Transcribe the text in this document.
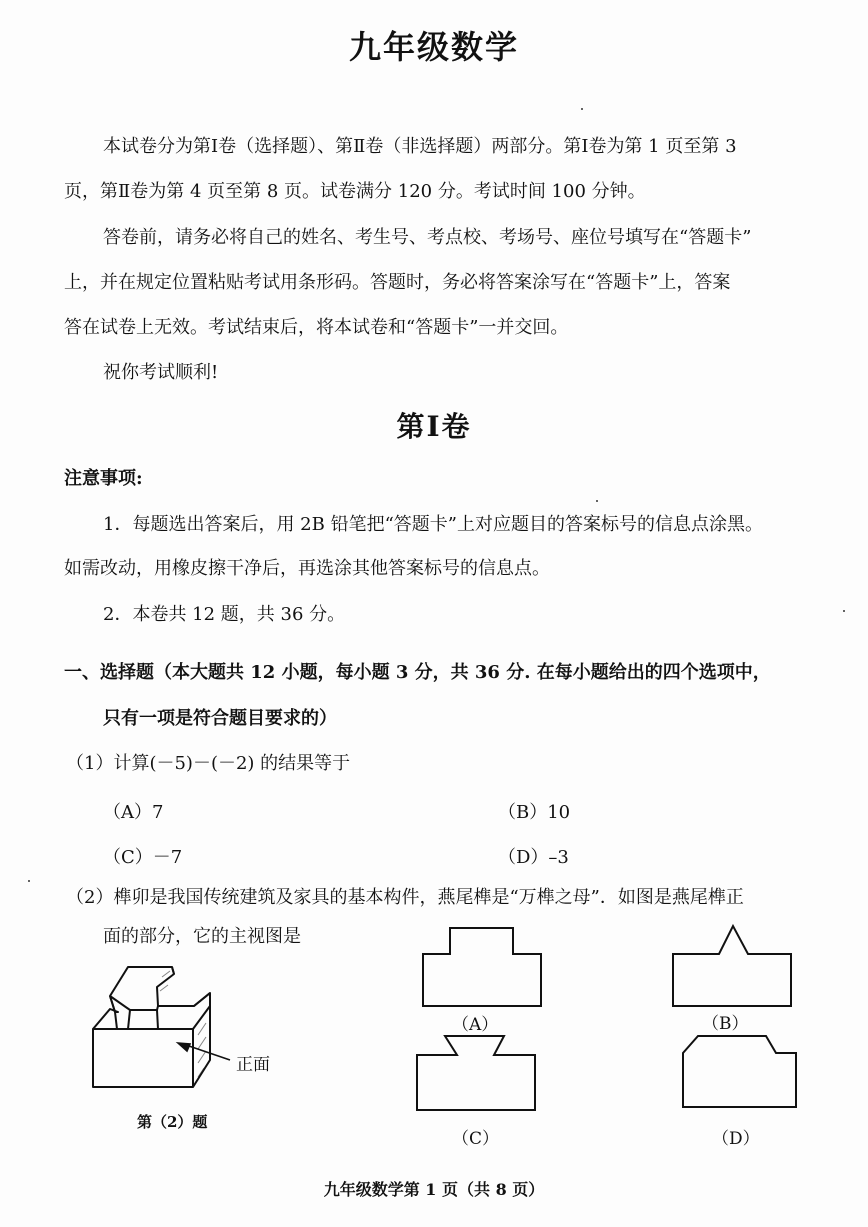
九年级数学
本试卷分为第Ⅰ卷（选择题）、第Ⅱ卷（非选择题）两部分。第Ⅰ卷为第 1 页至第 3
页，第Ⅱ卷为第 4 页至第 8 页。试卷满分 120 分。考试时间 100 分钟。
答卷前，请务必将自己的姓名、考生号、考点校、考场号、座位号填写在“答题卡”
上，并在规定位置粘贴考试用条形码。答题时，务必将答案涂写在“答题卡”上，答案
答在试卷上无效。考试结束后，将本试卷和“答题卡”一并交回。
祝你考试顺利!
第Ⅰ卷
注意事项:
1．每题选出答案后，用 2B 铅笔把“答题卡”上对应题目的答案标号的信息点涂黑。
如需改动，用橡皮擦干净后，再选涂其他答案标号的信息点。
2．本卷共 12 题，共 36 分。
一、选择题（本大题共 12 小题，每小题 3 分，共 36 分. 在每小题给出的四个选项中，
只有一项是符合题目要求的）
（1）计算(－5)－(－2) 的结果等于
（A）7	（B）10
（C）－7	（D）–3
（2）榫卯是我国传统建筑及家具的基本构件，燕尾榫是“万榫之母”．如图是燕尾榫正
面的部分，它的主视图是
正面
第（2）题
（A）	（B）
（C）	（D）
九年级数学第 1 页（共 8 页）
